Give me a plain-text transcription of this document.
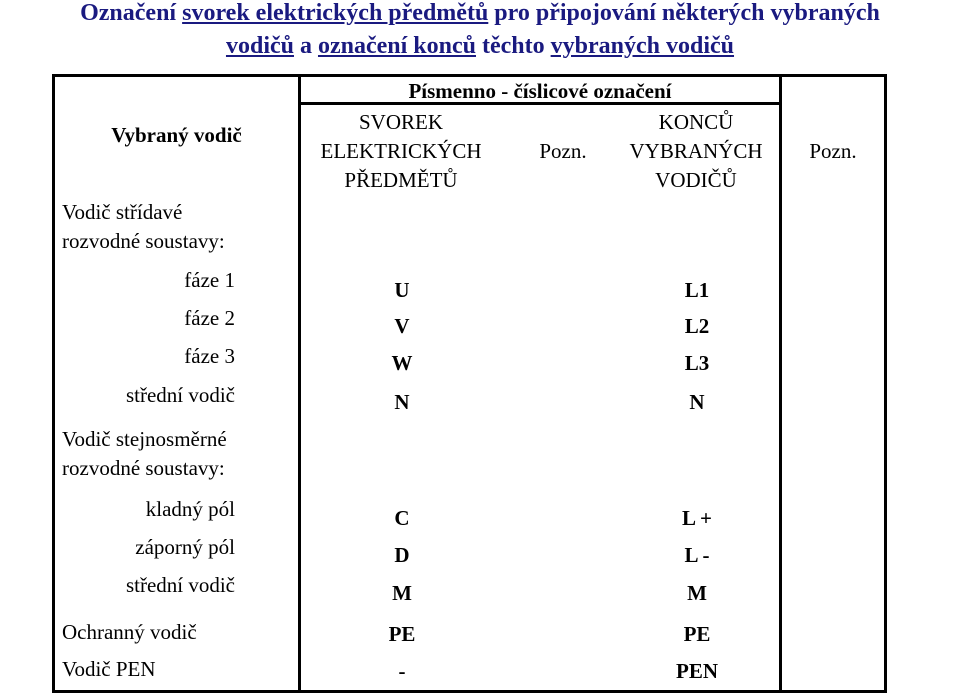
Označení svorek elektrických předmětů pro připojování některých vybraných
vodičů a označení konců těchto vybraných vodičů
Písmenno - číslicové označení
Vybraný vodič
SVOREK
ELEKTRICKÝCH
PŘEDMĚTŮ
Pozn.
KONCŮ
VYBRANÝCH
VODIČŮ
Pozn.
Vodič střídavé
rozvodné soustavy:
Vodič stejnosměrné
rozvodné soustavy:
fáze 1
fáze 2
fáze 3
střední vodič
kladný pól
záporný pól
střední vodič
Ochranný vodič
Vodič PEN
U
V
W
N
C
D
M
PE
-
L1
L2
L3
N
L +
L -
M
PE
PEN
